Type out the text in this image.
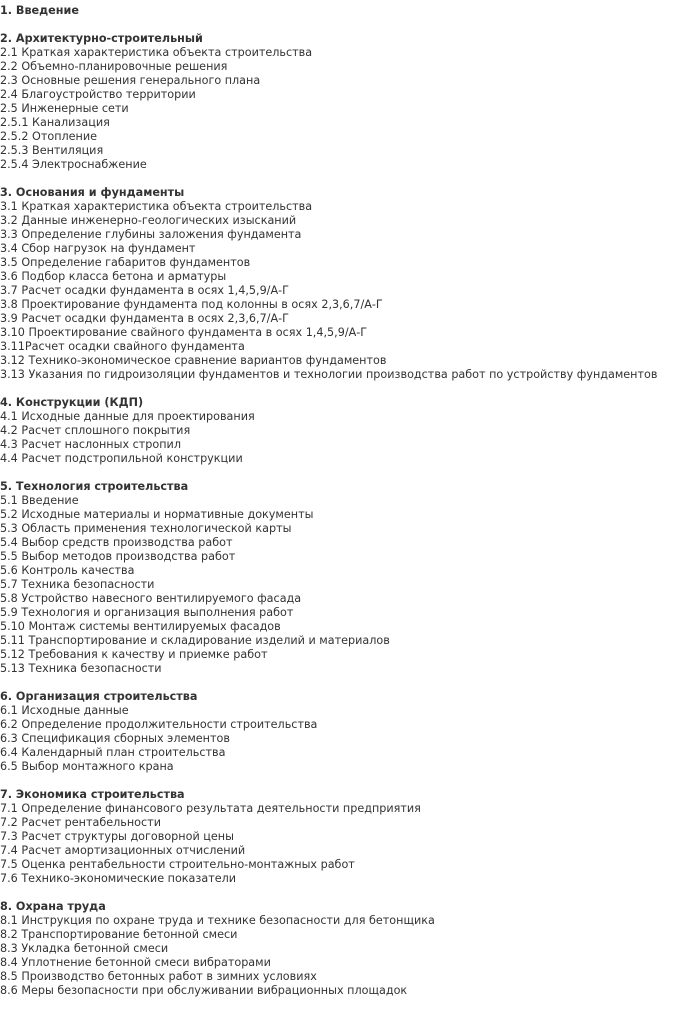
1. Введение
2. Архитектурно-строительный
2.1 Краткая характеристика объекта строительства
2.2 Объемно-планировочные решения
2.3 Основные решения генерального плана
2.4 Благоустройство территории
2.5 Инженерные сети
2.5.1 Канализация
2.5.2 Отопление
2.5.3 Вентиляция
2.5.4 Электроснабжение
3. Основания и фундаменты
3.1 Краткая характеристика объекта строительства
3.2 Данные инженерно-геологических изысканий
3.3 Определение глубины заложения фундамента
3.4 Сбор нагрузок на фундамент
3.5 Определение габаритов фундаментов
3.6 Подбор класса бетона и арматуры
3.7 Расчет осадки фундамента в осях 1,4,5,9/А-Г
3.8 Проектирование фундамента под колонны в осях 2,3,6,7/А-Г
3.9 Расчет осадки фундамента в осях 2,3,6,7/А-Г
3.10 Проектирование свайного фундамента в осях 1,4,5,9/А-Г
3.11Расчет осадки свайного фундамента
3.12 Технико-экономическое сравнение вариантов фундаментов
3.13 Указания по гидроизоляции фундаментов и технологии производства работ по устройству фундаментов
4. Конструкции (КДП)
4.1 Исходные данные для проектирования
4.2 Расчет сплошного покрытия
4.3 Расчет наслонных стропил
4.4 Расчет подстропильной конструкции
5. Технология строительства
5.1 Введение
5.2 Исходные материалы и нормативные документы
5.3 Область применения технологической карты
5.4 Выбор средств производства работ
5.5 Выбор методов производства работ
5.6 Контроль качества
5.7 Техника безопасности
5.8 Устройство навесного вентилируемого фасада
5.9 Технология и организация выполнения работ
5.10 Монтаж системы вентилируемых фасадов
5.11 Транспортирование и складирование изделий и материалов
5.12 Требования к качеству и приемке работ
5.13 Техника безопасности
6. Организация строительства
6.1 Исходные данные
6.2 Определение продолжительности строительства
6.3 Спецификация сборных элементов
6.4 Календарный план строительства
6.5 Выбор монтажного крана
7. Экономика строительства
7.1 Определение финансового результата деятельности предприятия
7.2 Расчет рентабельности
7.3 Расчет структуры договорной цены
7.4 Расчет амортизационных отчислений
7.5 Оценка рентабельности строительно-монтажных работ
7.6 Технико-экономические показатели
8. Охрана труда
8.1 Инструкция по охране труда и технике безопасности для бетонщика
8.2 Транспортирование бетонной смеси
8.3 Укладка бетонной смеси
8.4 Уплотнение бетонной смеси вибраторами
8.5 Производство бетонных работ в зимних условиях
8.6 Меры безопасности при обслуживании вибрационных площадок
